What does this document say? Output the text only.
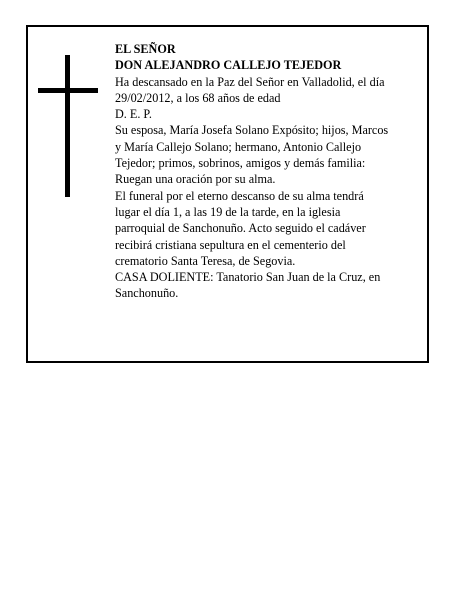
EL SEÑOR

DON ALEJANDRO CALLEJO TEJEDOR

Ha descansado en la Paz del Señor en Valladolid, el día

29/02/2012, a los 68 años de edad

D. E. P.

Su esposa, María Josefa Solano Expósito; hijos, Marcos

y María Callejo Solano; hermano, Antonio Callejo

Tejedor; primos, sobrinos, amigos y demás familia:

Ruegan una oración por su alma.

El funeral por el eterno descanso de su alma tendrá

lugar el día 1, a las 19 de la tarde, en la iglesia

parroquial de Sanchonuño. Acto seguido el cadáver

recibirá cristiana sepultura en el cementerio del

crematorio Santa Teresa, de Segovia.

CASA DOLIENTE: Tanatorio San Juan de la Cruz, en

Sanchonuño.
